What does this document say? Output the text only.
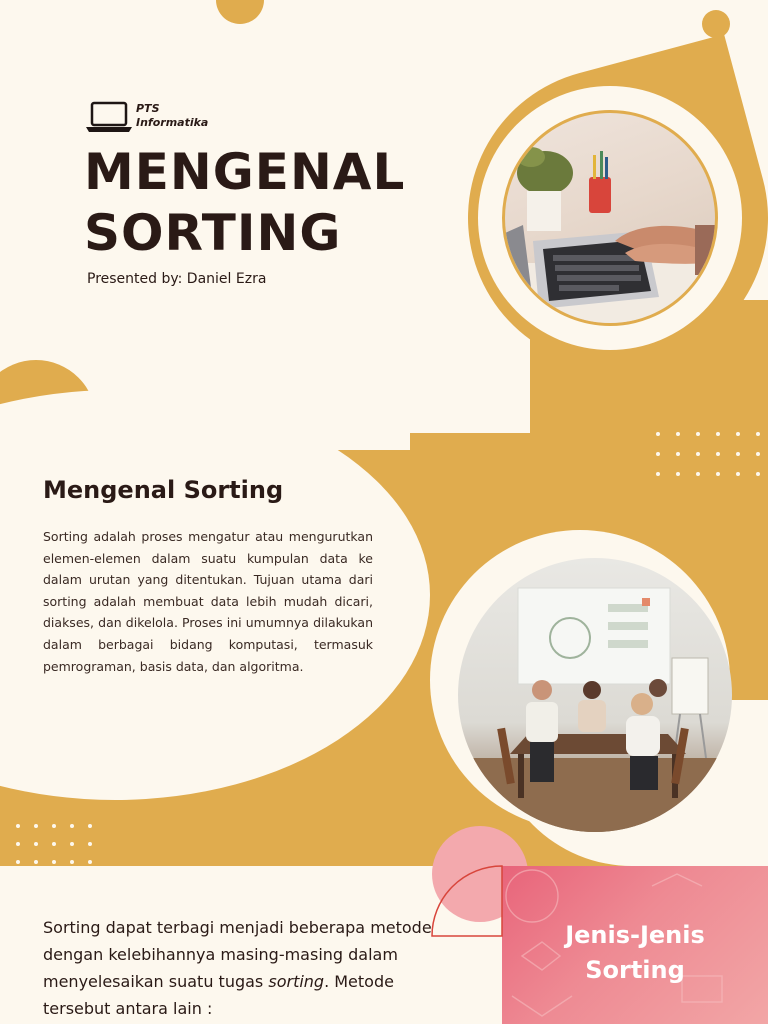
PTS
Informatika
MENGENAL
SORTING
Presented by: Daniel Ezra
Mengenal Sorting

Sorting adalah proses mengatur atau mengurutkan elemen-elemen dalam suatu kumpulan data ke dalam urutan yang ditentukan. Tujuan utama dari sorting adalah membuat data lebih mudah dicari, diakses, dan dikelola. Proses ini umumnya dilakukan dalam berbagai bidang komputasi, termasuk pemrograman, basis data, dan algoritma.

Jenis-Jenis
Sorting

Sorting dapat terbagi menjadi beberapa metode dengan kelebihannya masing-masing dalam menyelesaikan suatu tugas sorting. Metode tersebut antara lain :
